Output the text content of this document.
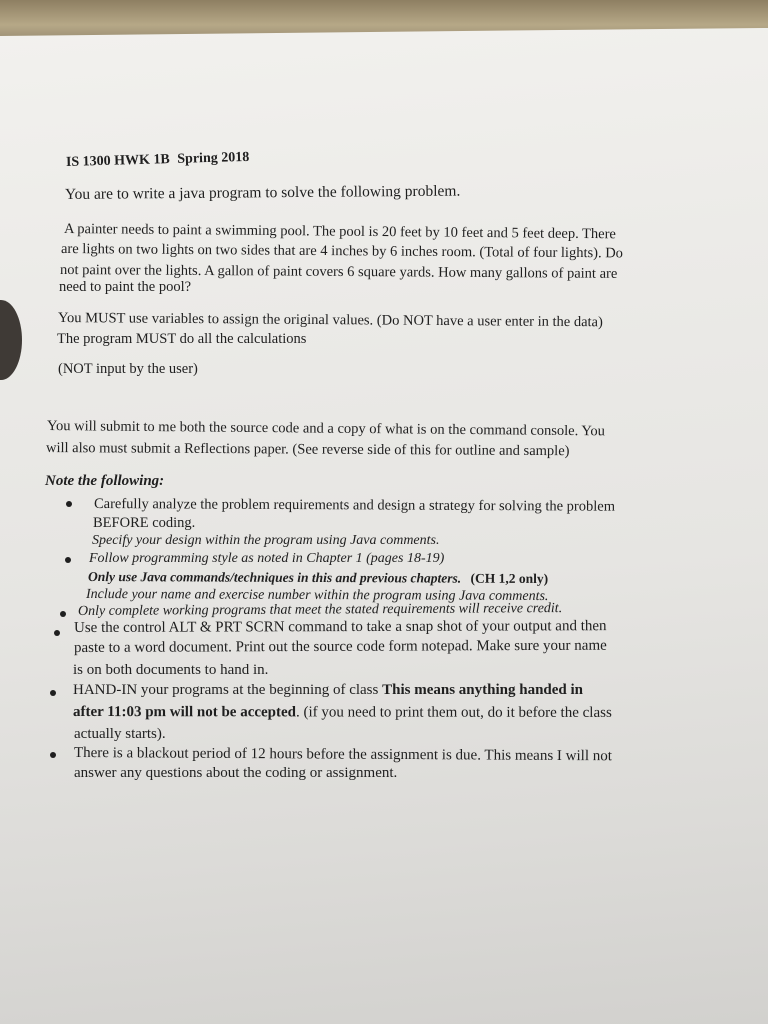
IS 1300 HWK 1B Spring 2018
You are to write a java program to solve the following problem.
A painter needs to paint a swimming pool. The pool is 20 feet by 10 feet and 5 feet deep. There
are lights on two lights on two sides that are 4 inches by 6 inches room. (Total of four lights). Do
not paint over the lights. A gallon of paint covers 6 square yards. How many gallons of paint are
need to paint the pool?
You MUST use variables to assign the original values. (Do NOT have a user enter in the data)
The program MUST do all the calculations
(NOT input by the user)
You will submit to me both the source code and a copy of what is on the command console. You
will also must submit a Reflections paper. (See reverse side of this for outline and sample)
Note the following:
Carefully analyze the problem requirements and design a strategy for solving the problem
BEFORE coding.
Specify your design within the program using Java comments.
Follow programming style as noted in Chapter 1 (pages 18-19)
Only use Java commands/techniques in this and previous chapters. (CH 1,2 only)
Include your name and exercise number within the program using Java comments.
Only complete working programs that meet the stated requirements will receive credit.
Use the control ALT & PRT SCRN command to take a snap shot of your output and then
paste to a word document. Print out the source code form notepad. Make sure your name
is on both documents to hand in.
HAND-IN your programs at the beginning of class This means anything handed in
after 11:03 pm will not be accepted. (if you need to print them out, do it before the class
actually starts).
There is a blackout period of 12 hours before the assignment is due. This means I will not
answer any questions about the coding or assignment.
